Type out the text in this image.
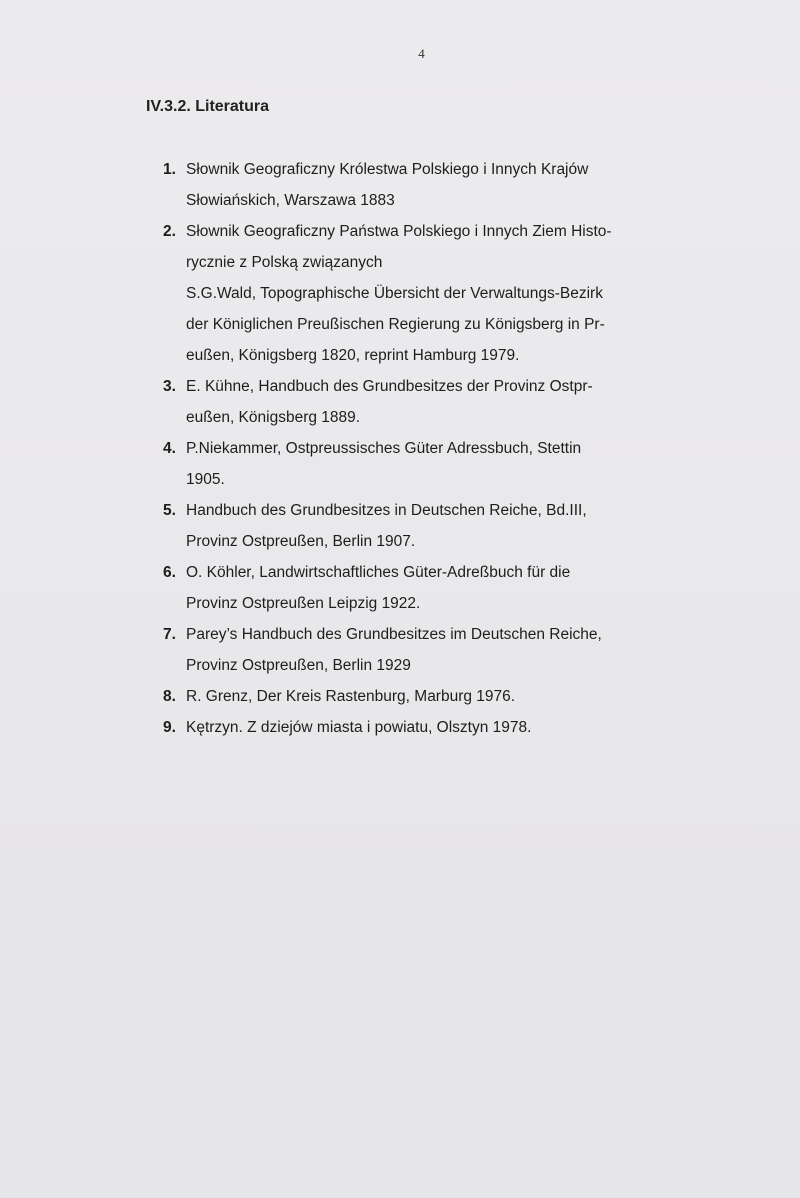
4
IV.3.2. Literatura
1. Słownik Geograficzny Królestwa Polskiego i Innych Krajów
Słowiańskich, Warszawa 1883
2. Słownik Geograficzny Państwa Polskiego i Innych Ziem Histo-
rycznie z Polską związanych
S.G.Wald, Topographische Übersicht der Verwaltungs-Bezirk
der Königlichen Preußischen Regierung zu Königsberg in Pr-
eußen, Königsberg 1820, reprint Hamburg 1979.
3. E. Kühne, Handbuch des Grundbesitzes der Provinz Ostpr-
eußen, Königsberg 1889.
4. P.Niekammer, Ostpreussisches Güter Adressbuch, Stettin
1905.
5. Handbuch des Grundbesitzes in Deutschen Reiche, Bd.III,
Provinz Ostpreußen, Berlin 1907.
6. O. Köhler, Landwirtschaftliches Güter-Adreßbuch für die
Provinz Ostpreußen Leipzig 1922.
7. Parey’s Handbuch des Grundbesitzes im Deutschen Reiche,
Provinz Ostpreußen, Berlin 1929
8. R. Grenz, Der Kreis Rastenburg, Marburg 1976.
9. Kętrzyn. Z dziejów miasta i powiatu, Olsztyn 1978.
